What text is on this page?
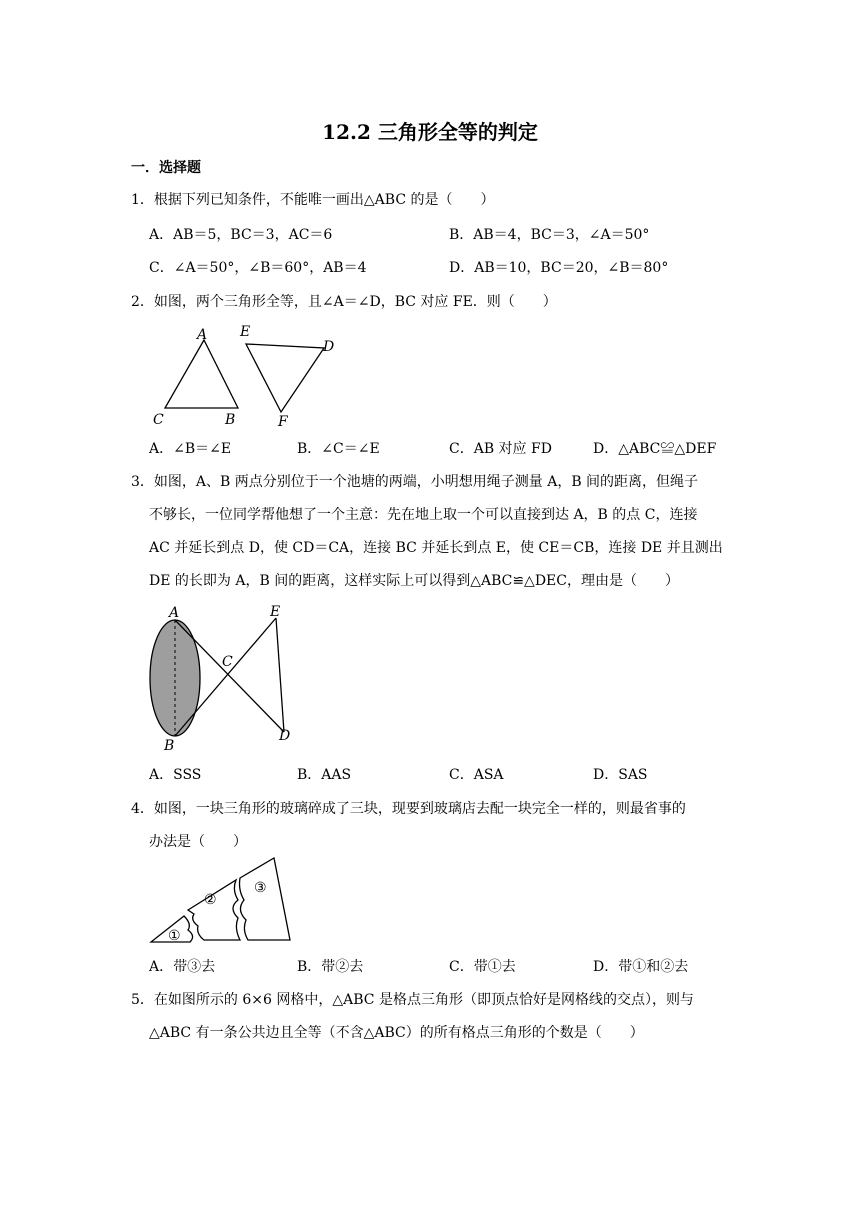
12.2 三角形全等的判定
一．选择题
1．根据下列已知条件，不能唯一画出△ABC 的是（　　）
A．AB＝5，BC＝3，AC＝6	B．AB＝4，BC＝3，∠A＝50°
C．∠A＝50°，∠B＝60°，AB＝4	D．AB＝10，BC＝20，∠B＝80°
2．如图，两个三角形全等，且∠A＝∠D，BC 对应 FE．则（　　）
A
C	B
E
D
F
A．∠B＝∠E	B．∠C＝∠E	C．AB 对应 FD	D．△ABC≌△DEF
3．如图，A、B 两点分别位于一个池塘的两端，小明想用绳子测量 A，B 间的距离，但绳子
不够长，一位同学帮他想了一个主意：先在地上取一个可以直接到达 A，B 的点 C，连接
AC 并延长到点 D，使 CD＝CA，连接 BC 并延长到点 E，使 CE＝CB，连接 DE 并且测出
DE 的长即为 A，B 间的距离，这样实际上可以得到△ABC≌△DEC，理由是（　　）
A	E
C
B
D
A．SSS	B．AAS	C．ASA	D．SAS
4．如图，一块三角形的玻璃碎成了三块，现要到玻璃店去配一块完全一样的，则最省事的
办法是（　　）
①
②
③
A．带③去	B．带②去	C．带①去	D．带①和②去
5．在如图所示的 6×6 网格中，△ABC 是格点三角形（即顶点恰好是网格线的交点），则与
△ABC 有一条公共边且全等（不含△ABC）的所有格点三角形的个数是（　　）
